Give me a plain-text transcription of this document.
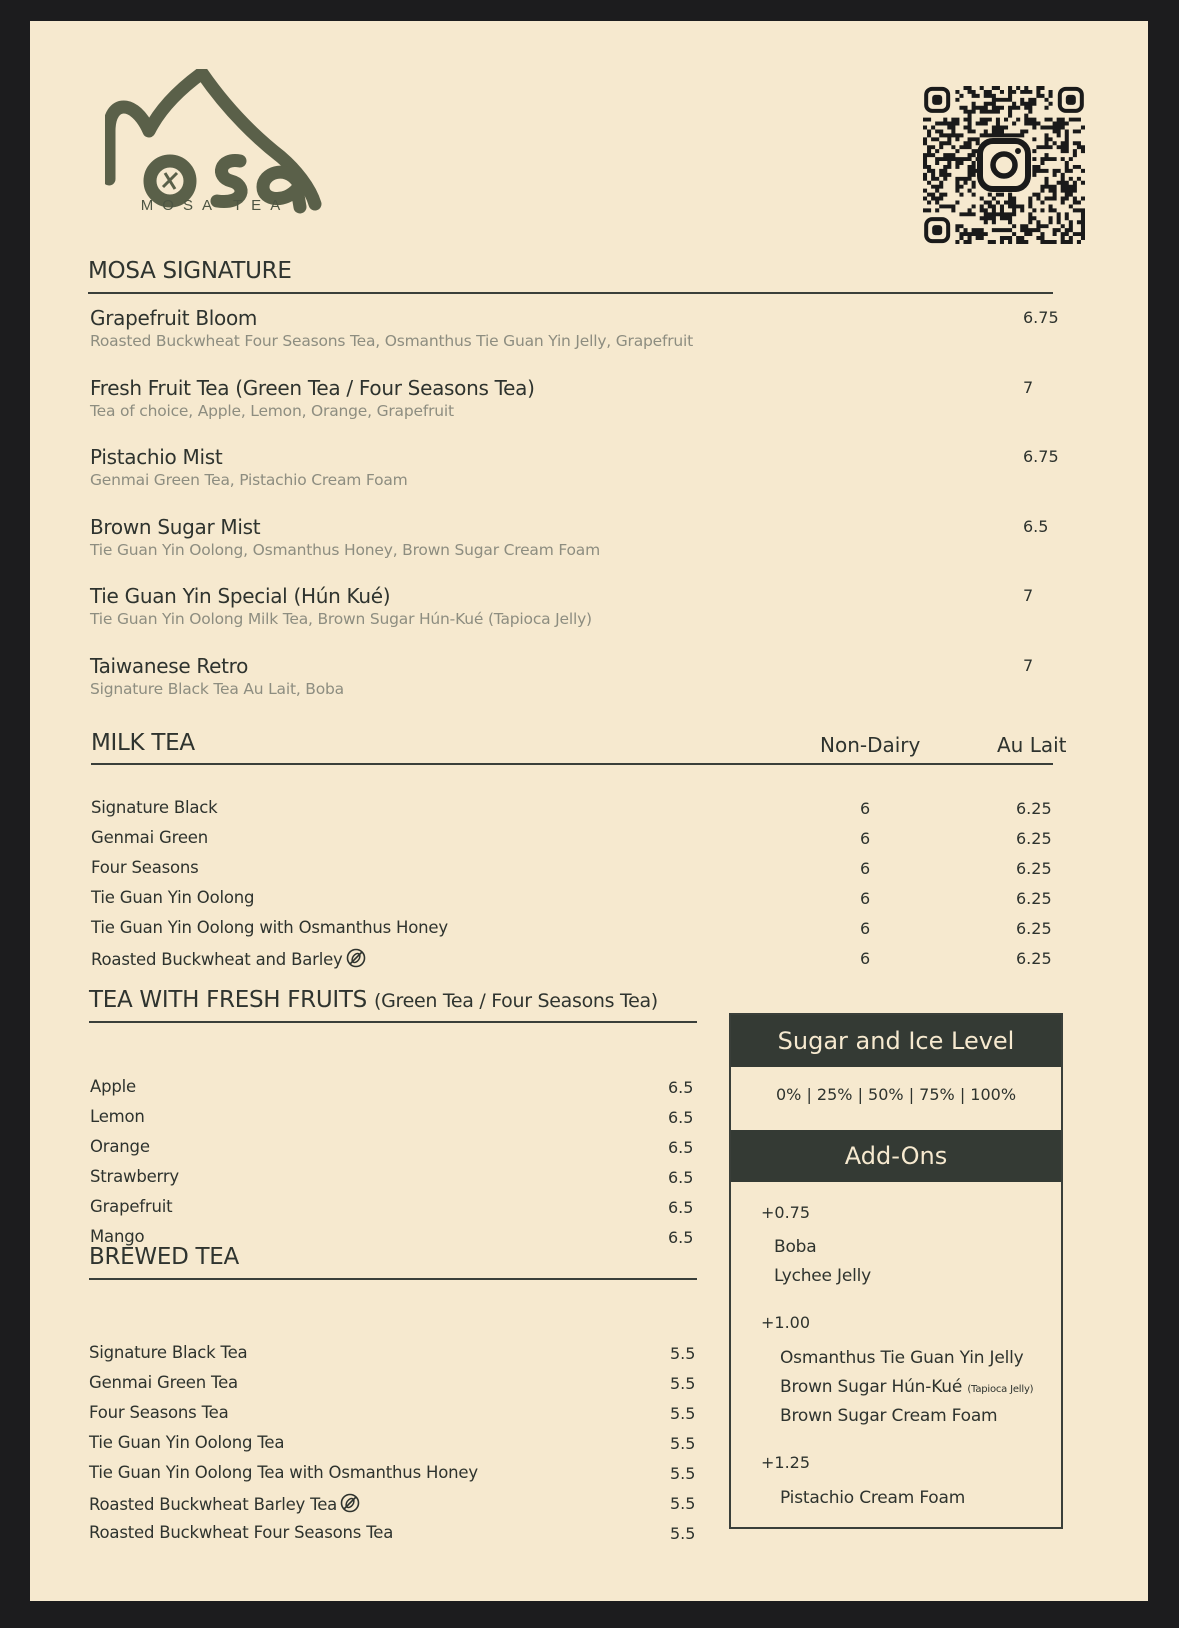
MOSA TEA
MOSA SIGNATURE
Grapefruit Bloom
Roasted Buckwheat Four Seasons Tea, Osmanthus Tie Guan Yin Jelly, Grapefruit
6.75
Fresh Fruit Tea (Green Tea / Four Seasons Tea)
Tea of choice, Apple, Lemon, Orange, Grapefruit
7
Pistachio Mist
Genmai Green Tea, Pistachio Cream Foam
6.75
Brown Sugar Mist
Tie Guan Yin Oolong, Osmanthus Honey, Brown Sugar Cream Foam
6.5
Tie Guan Yin Special (Hún Kué)
Tie Guan Yin Oolong Milk Tea, Brown Sugar Hún-Kué (Tapioca Jelly)
7
Taiwanese Retro
Signature Black Tea Au Lait, Boba
7
MILK TEA	Non-Dairy	Au Lait
Signature Black	6	6.25
Genmai Green	6	6.25
Four Seasons	6	6.25
Tie Guan Yin Oolong	6	6.25
Tie Guan Yin Oolong with Osmanthus Honey	6	6.25
Roasted Buckwheat and Barley	6	6.25
TEA WITH FRESH FRUITS (Green Tea / Four Seasons Tea)
Apple	6.5
Lemon	6.5
Orange	6.5
Strawberry	6.5
Grapefruit	6.5
Mango	6.5
BREWED TEA
Signature Black Tea	5.5
Genmai Green Tea	5.5
Four Seasons Tea	5.5
Tie Guan Yin Oolong Tea	5.5
Tie Guan Yin Oolong Tea with Osmanthus Honey	5.5
Roasted Buckwheat Barley Tea	5.5
Roasted Buckwheat Four Seasons Tea	5.5
Sugar and Ice Level
0% | 25% | 50% | 75% | 100%
Add-Ons
+0.75
Boba
Lychee Jelly
+1.00
Osmanthus Tie Guan Yin Jelly
Brown Sugar Hún-Kué (Tapioca Jelly)
Brown Sugar Cream Foam
+1.25
Pistachio Cream Foam
